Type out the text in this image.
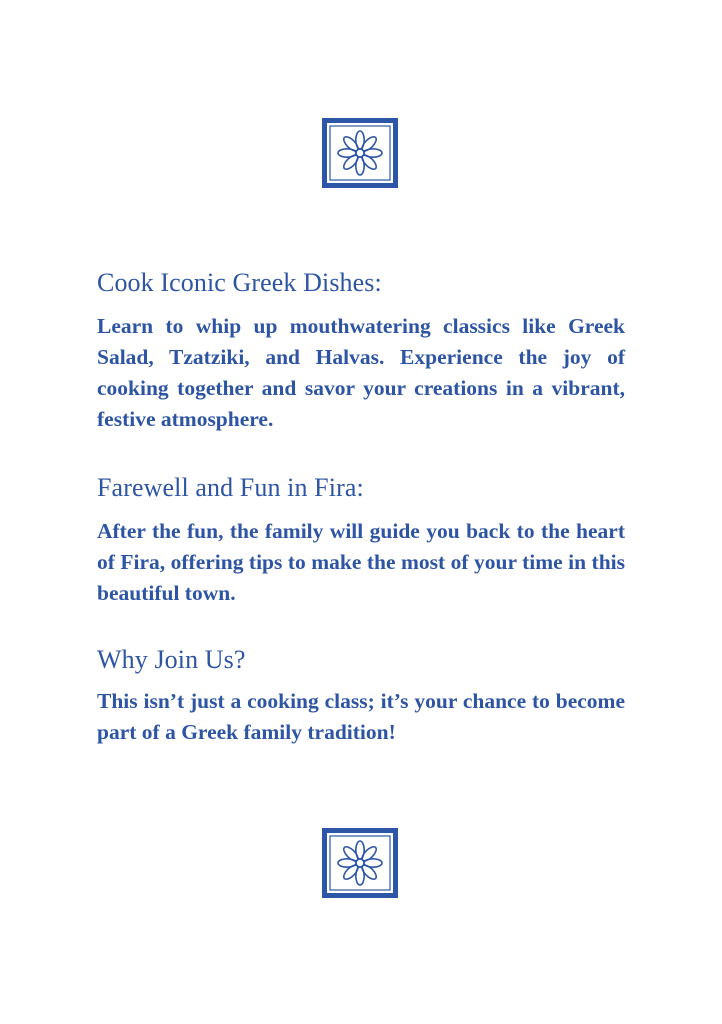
Cook Iconic Greek Dishes:

Learn to whip up mouthwatering classics like Greek Salad, Tzatziki, and Halvas. Experience the joy of cooking together and savor your creations in a vibrant, festive atmosphere.

Farewell and Fun in Fira:

After the fun, the family will guide you back to the heart of Fira, offering tips to make the most of your time in this beautiful town.

Why Join Us?

This isn’t just a cooking class; it’s your chance to become part of a Greek family tradition!
